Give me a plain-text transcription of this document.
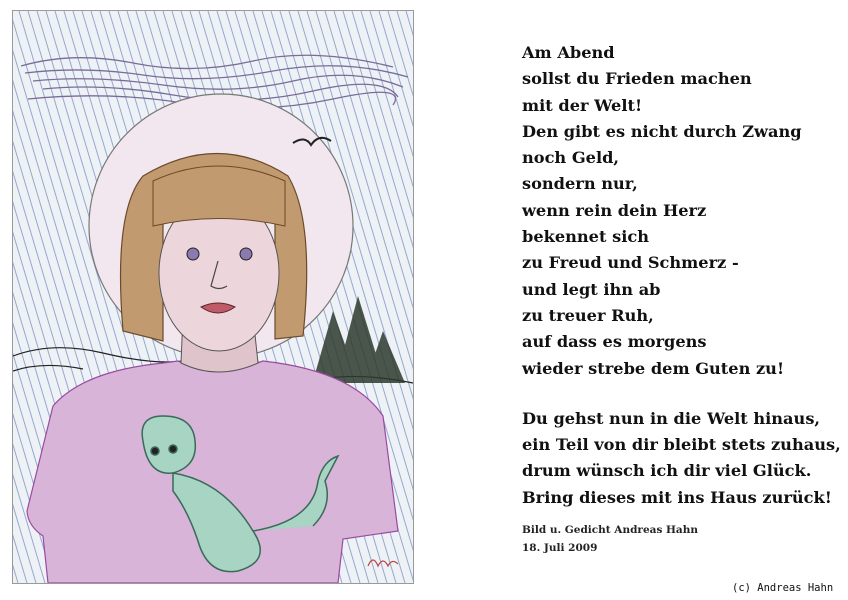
Am Abend
sollst du Frieden machen
mit der Welt!
Den gibt es nicht durch Zwang
noch Geld,
sondern nur,
wenn rein dein Herz
bekennet sich
zu Freud und Schmerz -
und legt ihn ab
zu treuer Ruh,
auf dass es morgens
wieder strebe dem Guten zu!
Du gehst nun in die Welt hinaus,
ein Teil von dir bleibt stets zuhaus,
drum wünsch ich dir viel Glück.
Bring dieses mit ins Haus zurück!
Bild u. Gedicht Andreas Hahn
18. Juli 2009
(c) Andreas Hahn
